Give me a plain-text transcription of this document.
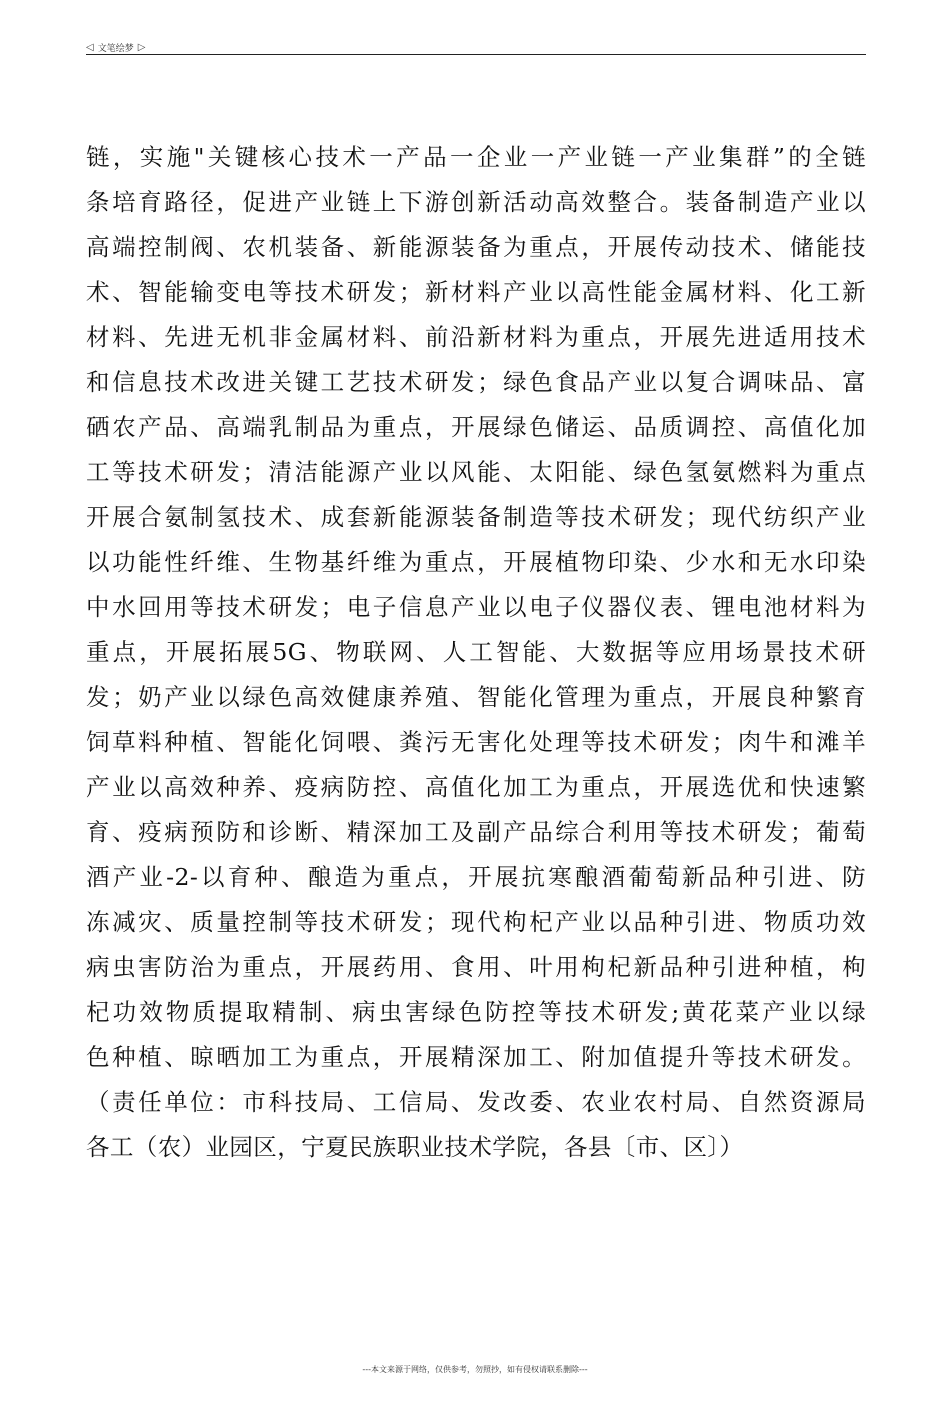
◁ 文笔绘梦 ▷
链，实施"关键核心技术一产品一企业一产业链一产业集群”的全链
条培育路径，促进产业链上下游创新活动高效整合。装备制造产业以
高端控制阀、农机装备、新能源装备为重点，开展传动技术、储能技
术、智能输变电等技术研发；新材料产业以高性能金属材料、化工新
材料、先进无机非金属材料、前沿新材料为重点，开展先进适用技术
和信息技术改进关键工艺技术研发；绿色食品产业以复合调味品、富
硒农产品、高端乳制品为重点，开展绿色储运、品质调控、高值化加
工等技术研发；清洁能源产业以风能、太阳能、绿色氢氨燃料为重点
开展合氨制氢技术、成套新能源装备制造等技术研发；现代纺织产业
以功能性纤维、生物基纤维为重点，开展植物印染、少水和无水印染
中水回用等技术研发；电子信息产业以电子仪器仪表、锂电池材料为
重点，开展拓展5G、物联网、人工智能、大数据等应用场景技术研
发；奶产业以绿色高效健康养殖、智能化管理为重点，开展良种繁育
饲草料种植、智能化饲喂、粪污无害化处理等技术研发；肉牛和滩羊
产业以高效种养、疫病防控、高值化加工为重点，开展选优和快速繁
育、疫病预防和诊断、精深加工及副产品综合利用等技术研发；葡萄
酒产业-2-以育种、酿造为重点，开展抗寒酿酒葡萄新品种引进、防
冻减灾、质量控制等技术研发；现代枸杞产业以品种引进、物质功效
病虫害防治为重点，开展药用、食用、叶用枸杞新品种引进种植，枸
杞功效物质提取精制、病虫害绿色防控等技术研发;黄花菜产业以绿
色种植、晾晒加工为重点，开展精深加工、附加值提升等技术研发。
（责任单位：市科技局、工信局、发改委、农业农村局、自然资源局
各工（农）业园区，宁夏民族职业技术学院，各县〔市、区〕）
---本文来源于网络，仅供参考，勿照抄，如有侵权请联系删除---
